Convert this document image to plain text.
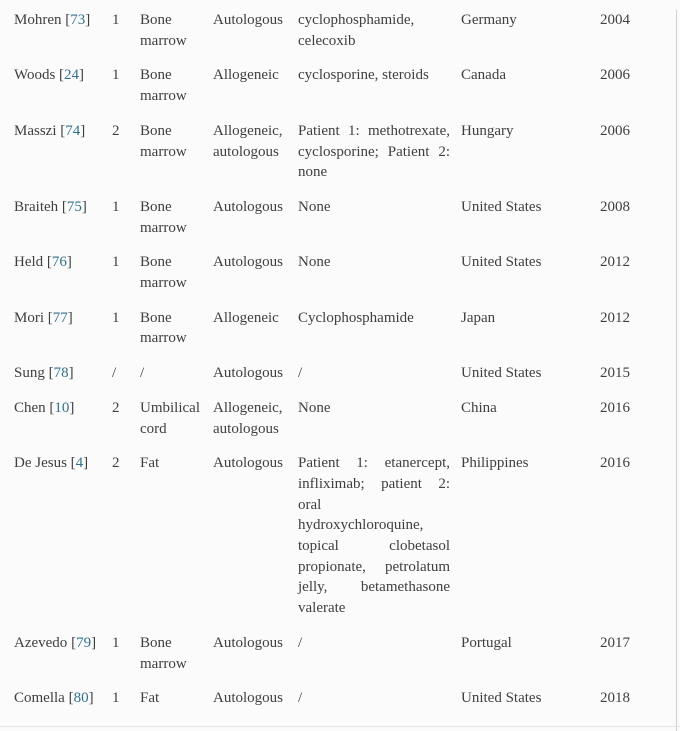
Mohren [73]	1	Bone marrow	Autologous	cyclophosphamide, celecoxib	Germany	2004
Woods [24]	1	Bone marrow	Allogeneic	cyclosporine, steroids	Canada	2006
Masszi [74]	2	Bone marrow	Allogeneic, autologous	Patient 1: methotrexate, cyclosporine; Patient 2: none	Hungary	2006
Braiteh [75]	1	Bone marrow	Autologous	None	United States	2008
Held [76]	1	Bone marrow	Autologous	None	United States	2012
Mori [77]	1	Bone marrow	Allogeneic	Cyclophosphamide	Japan	2012
Sung [78]	/	/	Autologous	/	United States	2015
Chen [10]	2	Umbilical cord	Allogeneic, autologous	None	China	2016
De Jesus [4]	2	Fat	Autologous	Patient 1: etanercept, infliximab; patient 2: oral hydroxychloroquine, topical clobetasol propionate, petrolatum jelly, betamethasone valerate	Philippines	2016
Azevedo [79]	1	Bone marrow	Autologous	/	Portugal	2017
Comella [80]	1	Fat	Autologous	/	United States	2018
